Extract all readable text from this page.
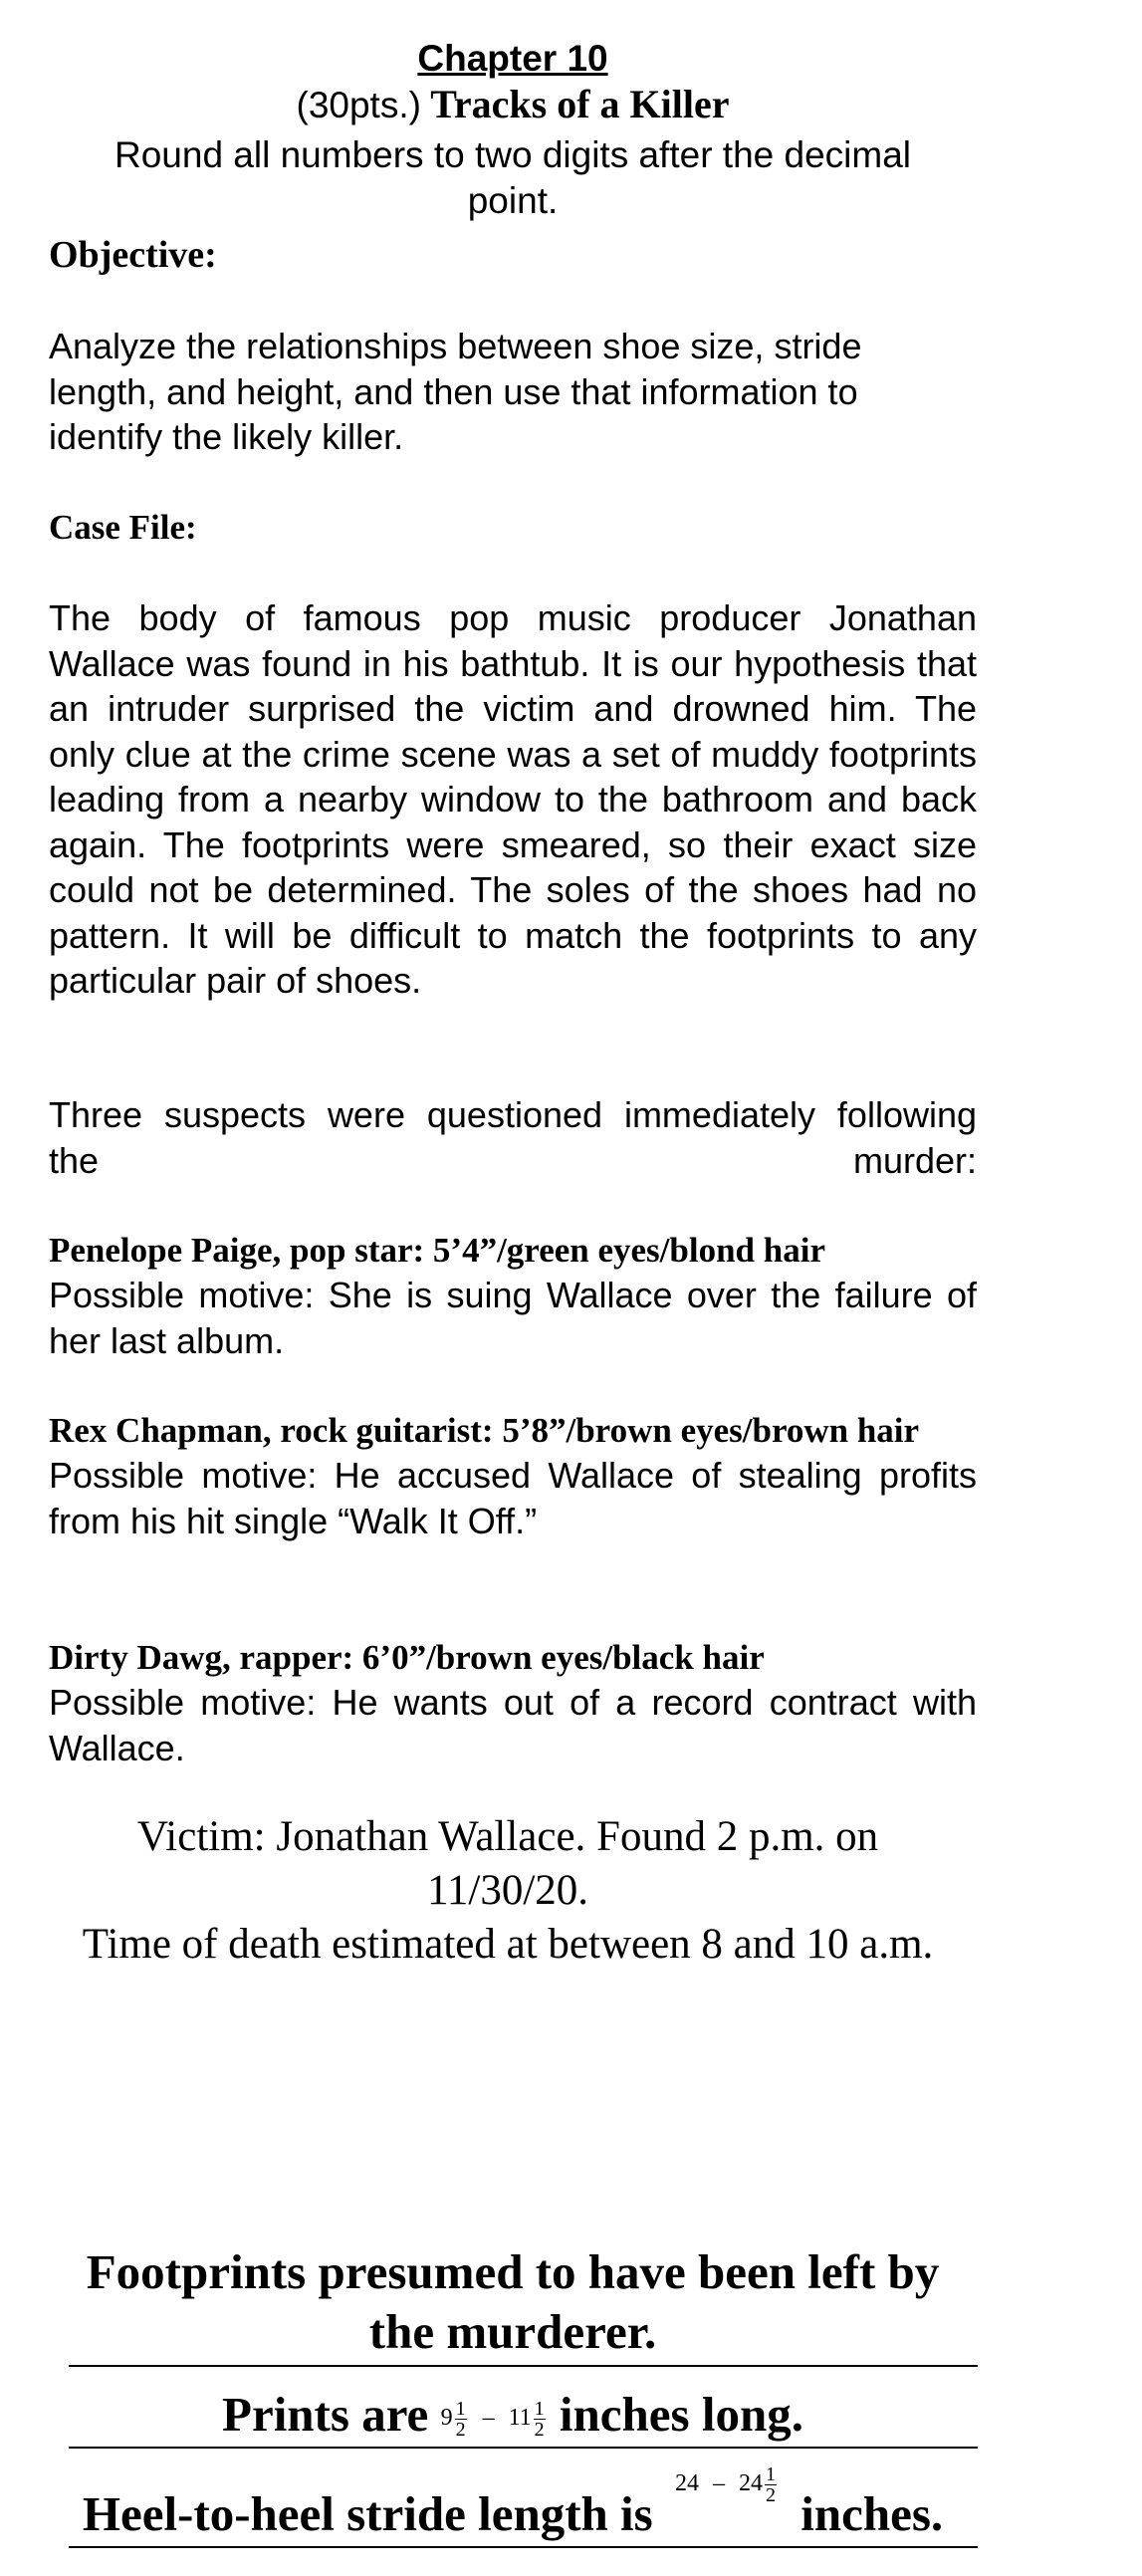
Chapter 10
(30pts.) Tracks of a Killer
Round all numbers to two digits after the decimal point.
Objective:
Analyze the relationships between shoe size, stride length, and height, and then use that information to identify the likely killer.
Case File:
The body of famous pop music producer Jonathan Wallace was found in his bathtub. It is our hypothesis that an intruder surprised the victim and drowned him. The only clue at the crime scene was a set of muddy footprints leading from a nearby window to the bathroom and back again. The footprints were smeared, so their exact size could not be determined. The soles of the shoes had no pattern. It will be difficult to match the footprints to any particular pair of shoes.
Three suspects were questioned immediately following the murder:
Penelope Paige, pop star: 5’4”/green eyes/blond hair
Possible motive: She is suing Wallace over the failure of her last album.
Rex Chapman, rock guitarist: 5’8”/brown eyes/brown hair
Possible motive: He accused Wallace of stealing profits from his hit single “Walk It Off.”
Dirty Dawg, rapper: 6’0”/brown eyes/black hair
Possible motive: He wants out of a record contract with Wallace.
Victim: Jonathan Wallace. Found 2 p.m. on 11/30/20.
Time of death estimated at between 8 and 10 a.m.
Footprints presumed to have been left by the murderer.
Prints are $9 \frac{1}{2} - 11 \frac{1}{2}$ inches long.
Heel-to-heel stride length is $24 - 24 \frac{1}{2}$
inches.
